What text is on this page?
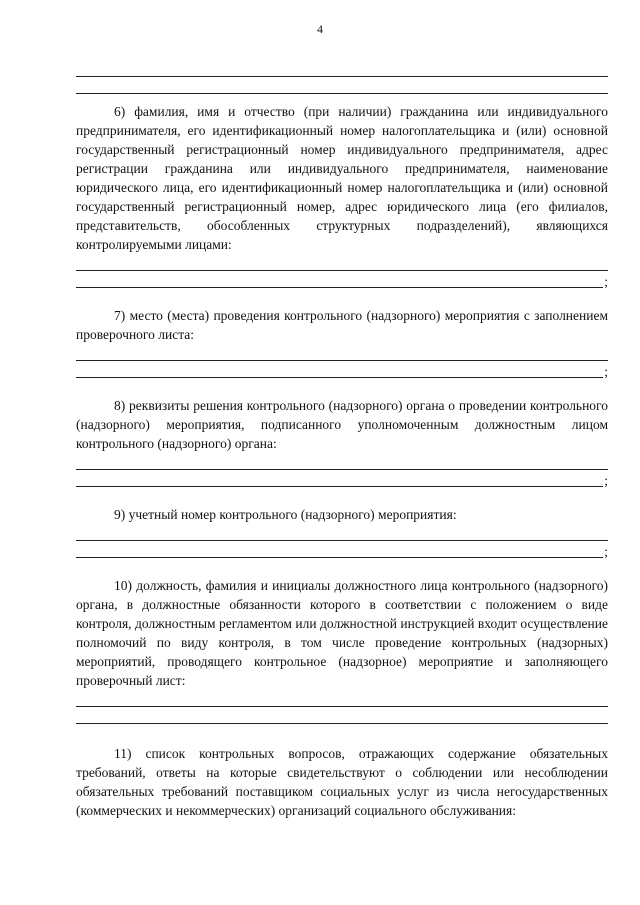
4

6) фамилия, имя и отчество (при наличии) гражданина или индивидуального предпринимателя, его идентификационный номер налогоплательщика и (или) основной государственный регистрационный номер индивидуального предпринимателя, адрес регистрации гражданина или индивидуального предпринимателя, наименование юридического лица, его идентификационный номер налогоплательщика и (или) основной государственный регистрационный номер, адрес юридического лица (его филиалов, представительств, обособленных структурных подразделений), являющихся контролируемыми лицами:

;

7) место (места) проведения контрольного (надзорного) мероприятия с заполнением проверочного листа:

;

8) реквизиты решения контрольного (надзорного) органа о проведении контрольного (надзорного) мероприятия, подписанного уполномоченным должностным лицом контрольного (надзорного) органа:

;

9) учетный номер контрольного (надзорного) мероприятия:

;

10) должность, фамилия и инициалы должностного лица контрольного (надзорного) органа, в должностные обязанности которого в соответствии с положением о виде контроля, должностным регламентом или должностной инструкцией входит осуществление полномочий по виду контроля, в том числе проведение контрольных (надзорных) мероприятий, проводящего контрольное (надзорное) мероприятие и заполняющего проверочный лист:

11) список контрольных вопросов, отражающих содержание обязательных требований, ответы на которые свидетельствуют о соблюдении или несоблюдении обязательных требований поставщиком социальных услуг из числа негосударственных (коммерческих и некоммерческих) организаций социального обслуживания:
